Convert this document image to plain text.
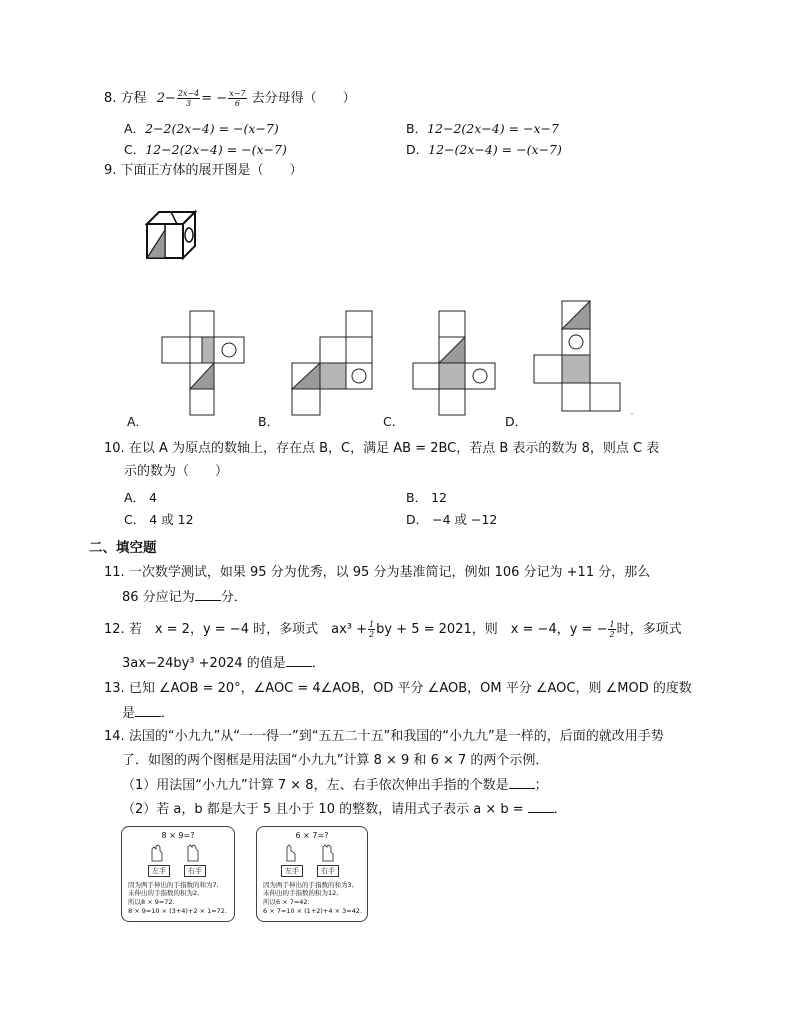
8. 方程 $2- \frac{2x-4}{3}$ = − $\frac{x-7}{6}$ 去分母得（　　）
A．2−2(2x−4) = −(x−7)	B．12−2(2x−4) = −x−7
C．12−2(2x−4) = −(x−7)	D．12−(2x−4) = −(x−7)
9. 下面正方体的展开图是（　　）
A．	B．	C．	D．
10. 在以 A 为原点的数轴上，存在点 B，C，满足 AB = 2BC，若点 B 表示的数为 8，则点 C 表
示的数为（　　）
A． 4	B． 12
C． 4 或 12	D． −4 或 −12
二、填空题
11. 一次数学测试，如果 95 分为优秀，以 95 分为基准简记，例如 106 分记为 +11 分，那么
86 分应记为 分．
12. 若　x = 2，y = −4 时，多项式　$ax^3 + \frac{1}{2}$ by + 5 = 2021，则　x = −4，y = − $\frac{1}{2}$ 时，多项式
3ax−24by³ +2024 的值是 ．
13. 已知 ∠AOB = 20°，∠AOC = 4∠AOB，OD 平分 ∠AOB，OM 平分 ∠AOC，则 ∠MOD 的度数
是 ．
14. 法国的“小九九”从“一一得一”到“五五二十五”和我国的“小九九”是一样的，后面的就改用手势
了．如图的两个图框是用法国“小九九”计算 8 × 9 和 6 × 7 的两个示例．
（1）用法国“小九九”计算 7 × 8，左、右手依次伸出手指的个数是 ；
（2）若 a，b 都是大于 5 且小于 10 的整数，请用式子表示 a × b = ．
8 × 9=?
左手	右手
因为两手伸出的手指数的和为7,
未伸出的手指数的积为2,
所以8 × 9=72.
8 × 9=10 × (3+4)+2 × 1=72.
6 × 7=?
左手	右手
因为两手伸出的手指数的和为3,
未伸出的手指数的积为12,
所以6 × 7=42.
6 × 7=10 × (1+2)+4 × 3=42.
